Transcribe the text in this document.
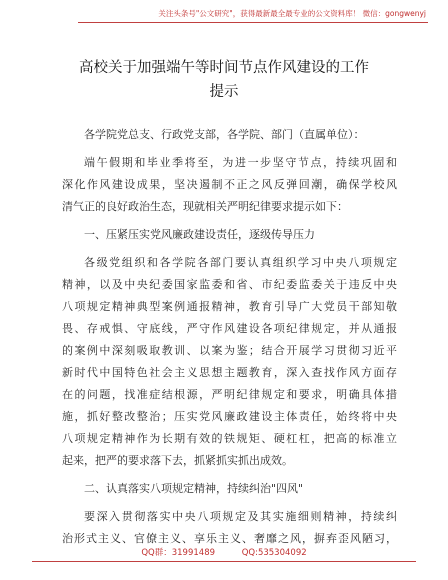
关注头条号"公文研究"，获得最新最全最专业的公文资料库！ 微信：gongwenyj
高校关于加强端午等时间节点作风建设的工作
提示

各学院党总支、行政党支部，各学院、部门（直属单位）：

端午假期和毕业季将至，为进一步坚守节点，持续巩固和
深化作风建设成果，坚决遏制不正之风反弹回潮，确保学校风
清气正的良好政治生态，现就相关严明纪律要求提示如下：

一、压紧压实党风廉政建设责任，逐级传导压力

各级党组织和各学院各部门要认真组织学习中央八项规定
精神，以及中央纪委国家监委和省、市纪委监委关于违反中央
八项规定精神典型案例通报精神，教育引导广大党员干部知敬
畏、存戒惧、守底线，严守作风建设各项纪律规定，并从通报
的案例中深刻吸取教训、以案为鉴；结合开展学习贯彻习近平
新时代中国特色社会主义思想主题教育，深入查找作风方面存
在的问题，找准症结根源，严明纪律规定和要求，明确具体措
施，抓好整改整治；压实党风廉政建设主体责任，始终将中央
八项规定精神作为长期有效的铁规矩、硬杠杠，把高的标准立
起来，把严的要求落下去，抓紧抓实抓出成效。

二、认真落实八项规定精神，持续纠治"四风"

要深入贯彻落实中央八项规定及其实施细则精神，持续纠
治形式主义、官僚主义、享乐主义、奢靡之风，摒弃歪风陋习，
QQ群：31991489	QQ:535304092
